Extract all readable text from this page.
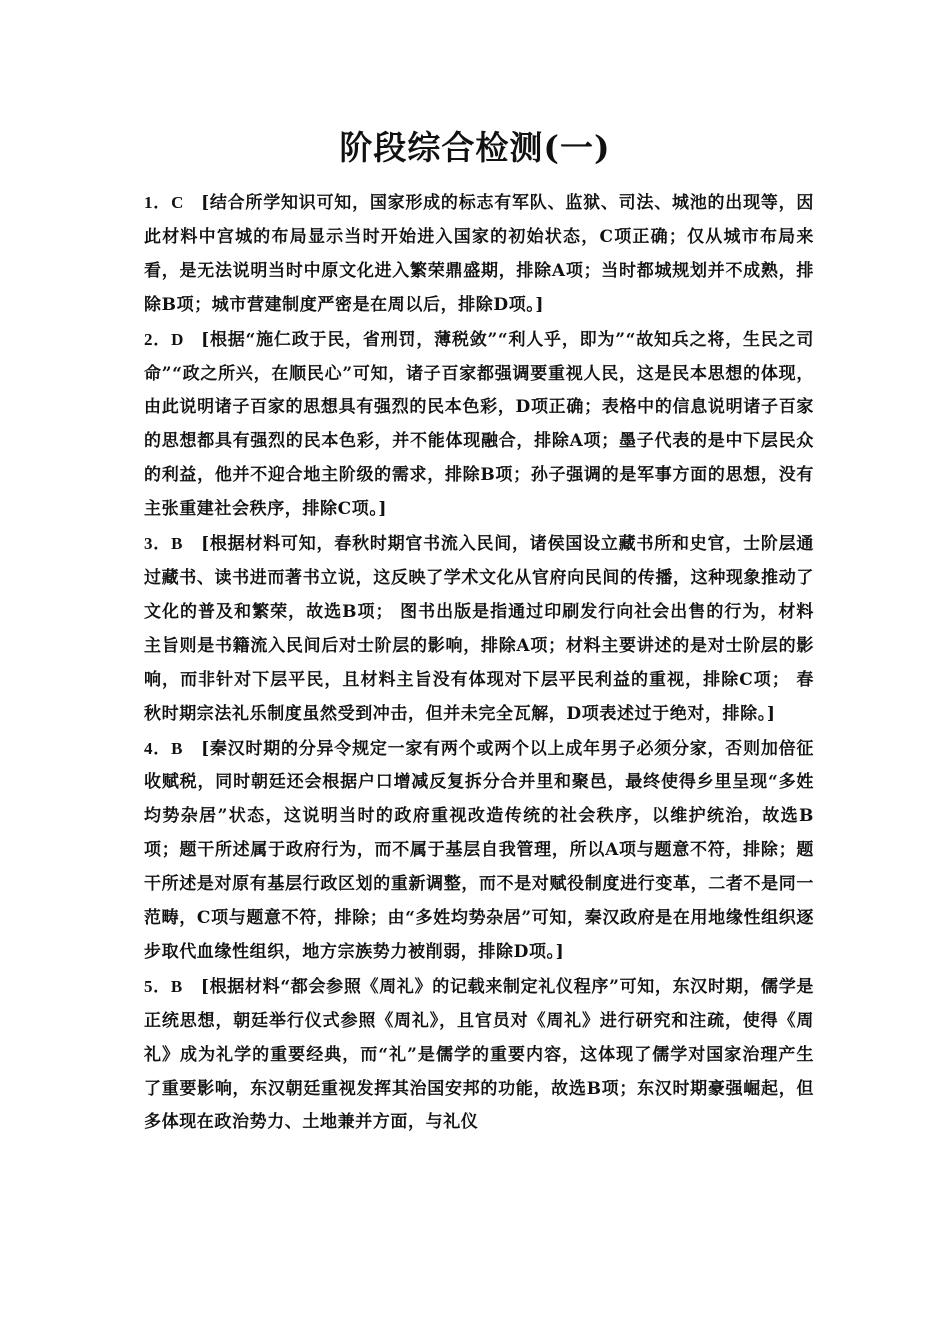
阶段综合检测(一)

1．C [结合所学知识可知，国家形成的标志有军队、监狱、司法、城池的出现等，因此材料中宫城的布局显示当时开始进入国家的初始状态，C项正确；仅从城市布局来看，是无法说明当时中原文化进入繁荣鼎盛期，排除A项；当时都城规划并不成熟，排除B项；城市营建制度严密是在周以后，排除D项。]

2．D [根据“施仁政于民，省刑罚，薄税敛”“利人乎，即为”“故知兵之将，生民之司命”“政之所兴，在顺民心”可知，诸子百家都强调要重视人民，这是民本思想的体现，由此说明诸子百家的思想具有强烈的民本色彩，D项正确；表格中的信息说明诸子百家的思想都具有强烈的民本色彩，并不能体现融合，排除A项；墨子代表的是中下层民众的利益，他并不迎合地主阶级的需求，排除B项；孙子强调的是军事方面的思想，没有主张重建社会秩序，排除C项。]

3．B [根据材料可知，春秋时期官书流入民间，诸侯国设立藏书所和史官，士阶层通过藏书、读书进而著书立说，这反映了学术文化从官府向民间的传播，这种现象推动了文化的普及和繁荣，故选B项； 图书出版是指通过印刷发行向社会出售的行为，材料主旨则是书籍流入民间后对士阶层的影响，排除A项；材料主要讲述的是对士阶层的影响，而非针对下层平民，且材料主旨没有体现对下层平民利益的重视，排除C项； 春秋时期宗法礼乐制度虽然受到冲击，但并未完全瓦解，D项表述过于绝对，排除。]

4．B [秦汉时期的分异令规定一家有两个或两个以上成年男子必须分家，否则加倍征收赋税，同时朝廷还会根据户口增减反复拆分合并里和聚邑，最终使得乡里呈现“多姓均势杂居”状态，这说明当时的政府重视改造传统的社会秩序，以维护统治，故选B项；题干所述属于政府行为，而不属于基层自我管理，所以A项与题意不符，排除；题干所述是对原有基层行政区划的重新调整，而不是对赋役制度进行变革，二者不是同一范畴，C项与题意不符，排除；由“多姓均势杂居”可知，秦汉政府是在用地缘性组织逐步取代血缘性组织，地方宗族势力被削弱，排除D项。]

5．B [根据材料“都会参照《周礼》的记载来制定礼仪程序”可知，东汉时期，儒学是正统思想，朝廷举行仪式参照《周礼》，且官员对《周礼》进行研究和注疏，使得《周礼》成为礼学的重要经典，而“礼”是儒学的重要内容，这体现了儒学对国家治理产生了重要影响，东汉朝廷重视发挥其治国安邦的功能，故选B项；东汉时期豪强崛起，但多体现在政治势力、土地兼并方面，与礼仪
